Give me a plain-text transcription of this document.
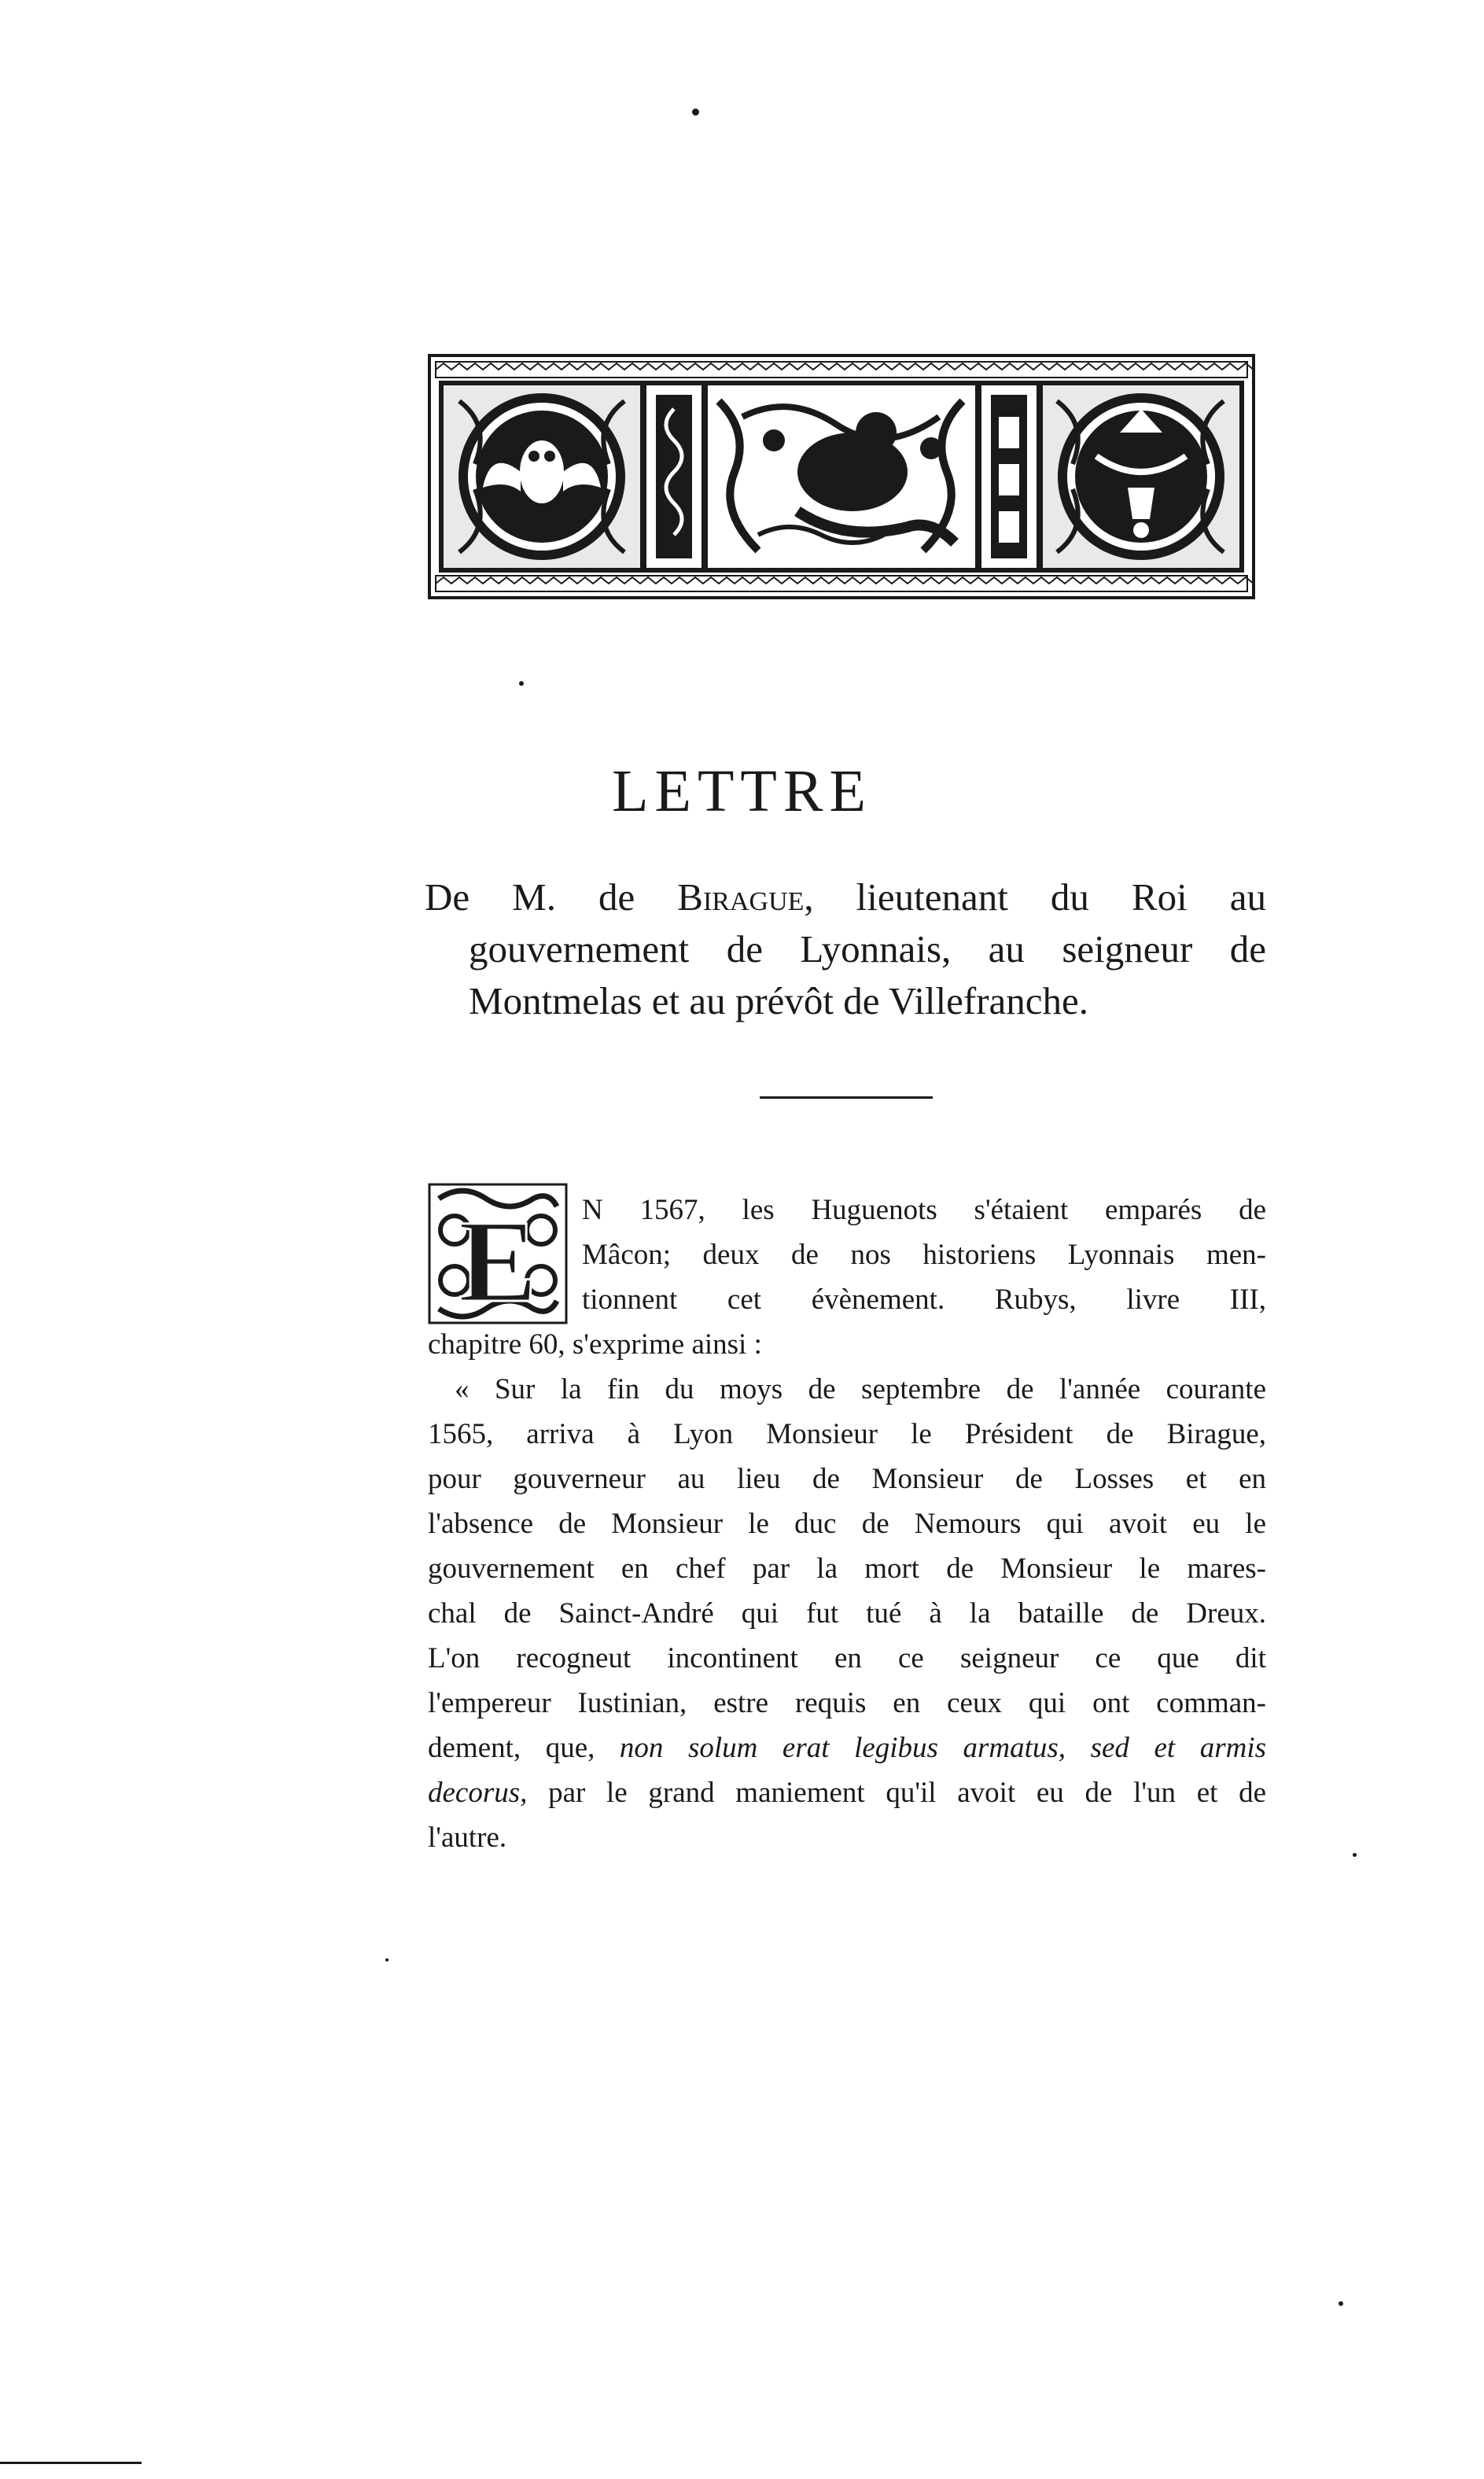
LETTRE

De M. de Birague, lieutenant du Roi au
gouvernement de Lyonnais, au seigneur de
Montmelas et au prévôt de Villefranche.

E	N 1567, les Huguenots s'étaient emparés de
Mâcon; deux de nos historiens Lyonnais men-
tionnent cet évènement. Rubys, livre III,
chapitre 60, s'exprime ainsi :
« Sur la fin du moys de septembre de l'année courante
1565, arriva à Lyon Monsieur le Président de Birague,
pour gouverneur au lieu de Monsieur de Losses et en
l'absence de Monsieur le duc de Nemours qui avoit eu le
gouvernement en chef par la mort de Monsieur le mares-
chal de Sainct-André qui fut tué à la bataille de Dreux.
L'on recogneut incontinent en ce seigneur ce que dit
l'empereur Iustinian, estre requis en ceux qui ont comman-
dement, que, non solum erat legibus armatus, sed et armis
decorus, par le grand maniement qu'il avoit eu de l'un et de
l'autre.
